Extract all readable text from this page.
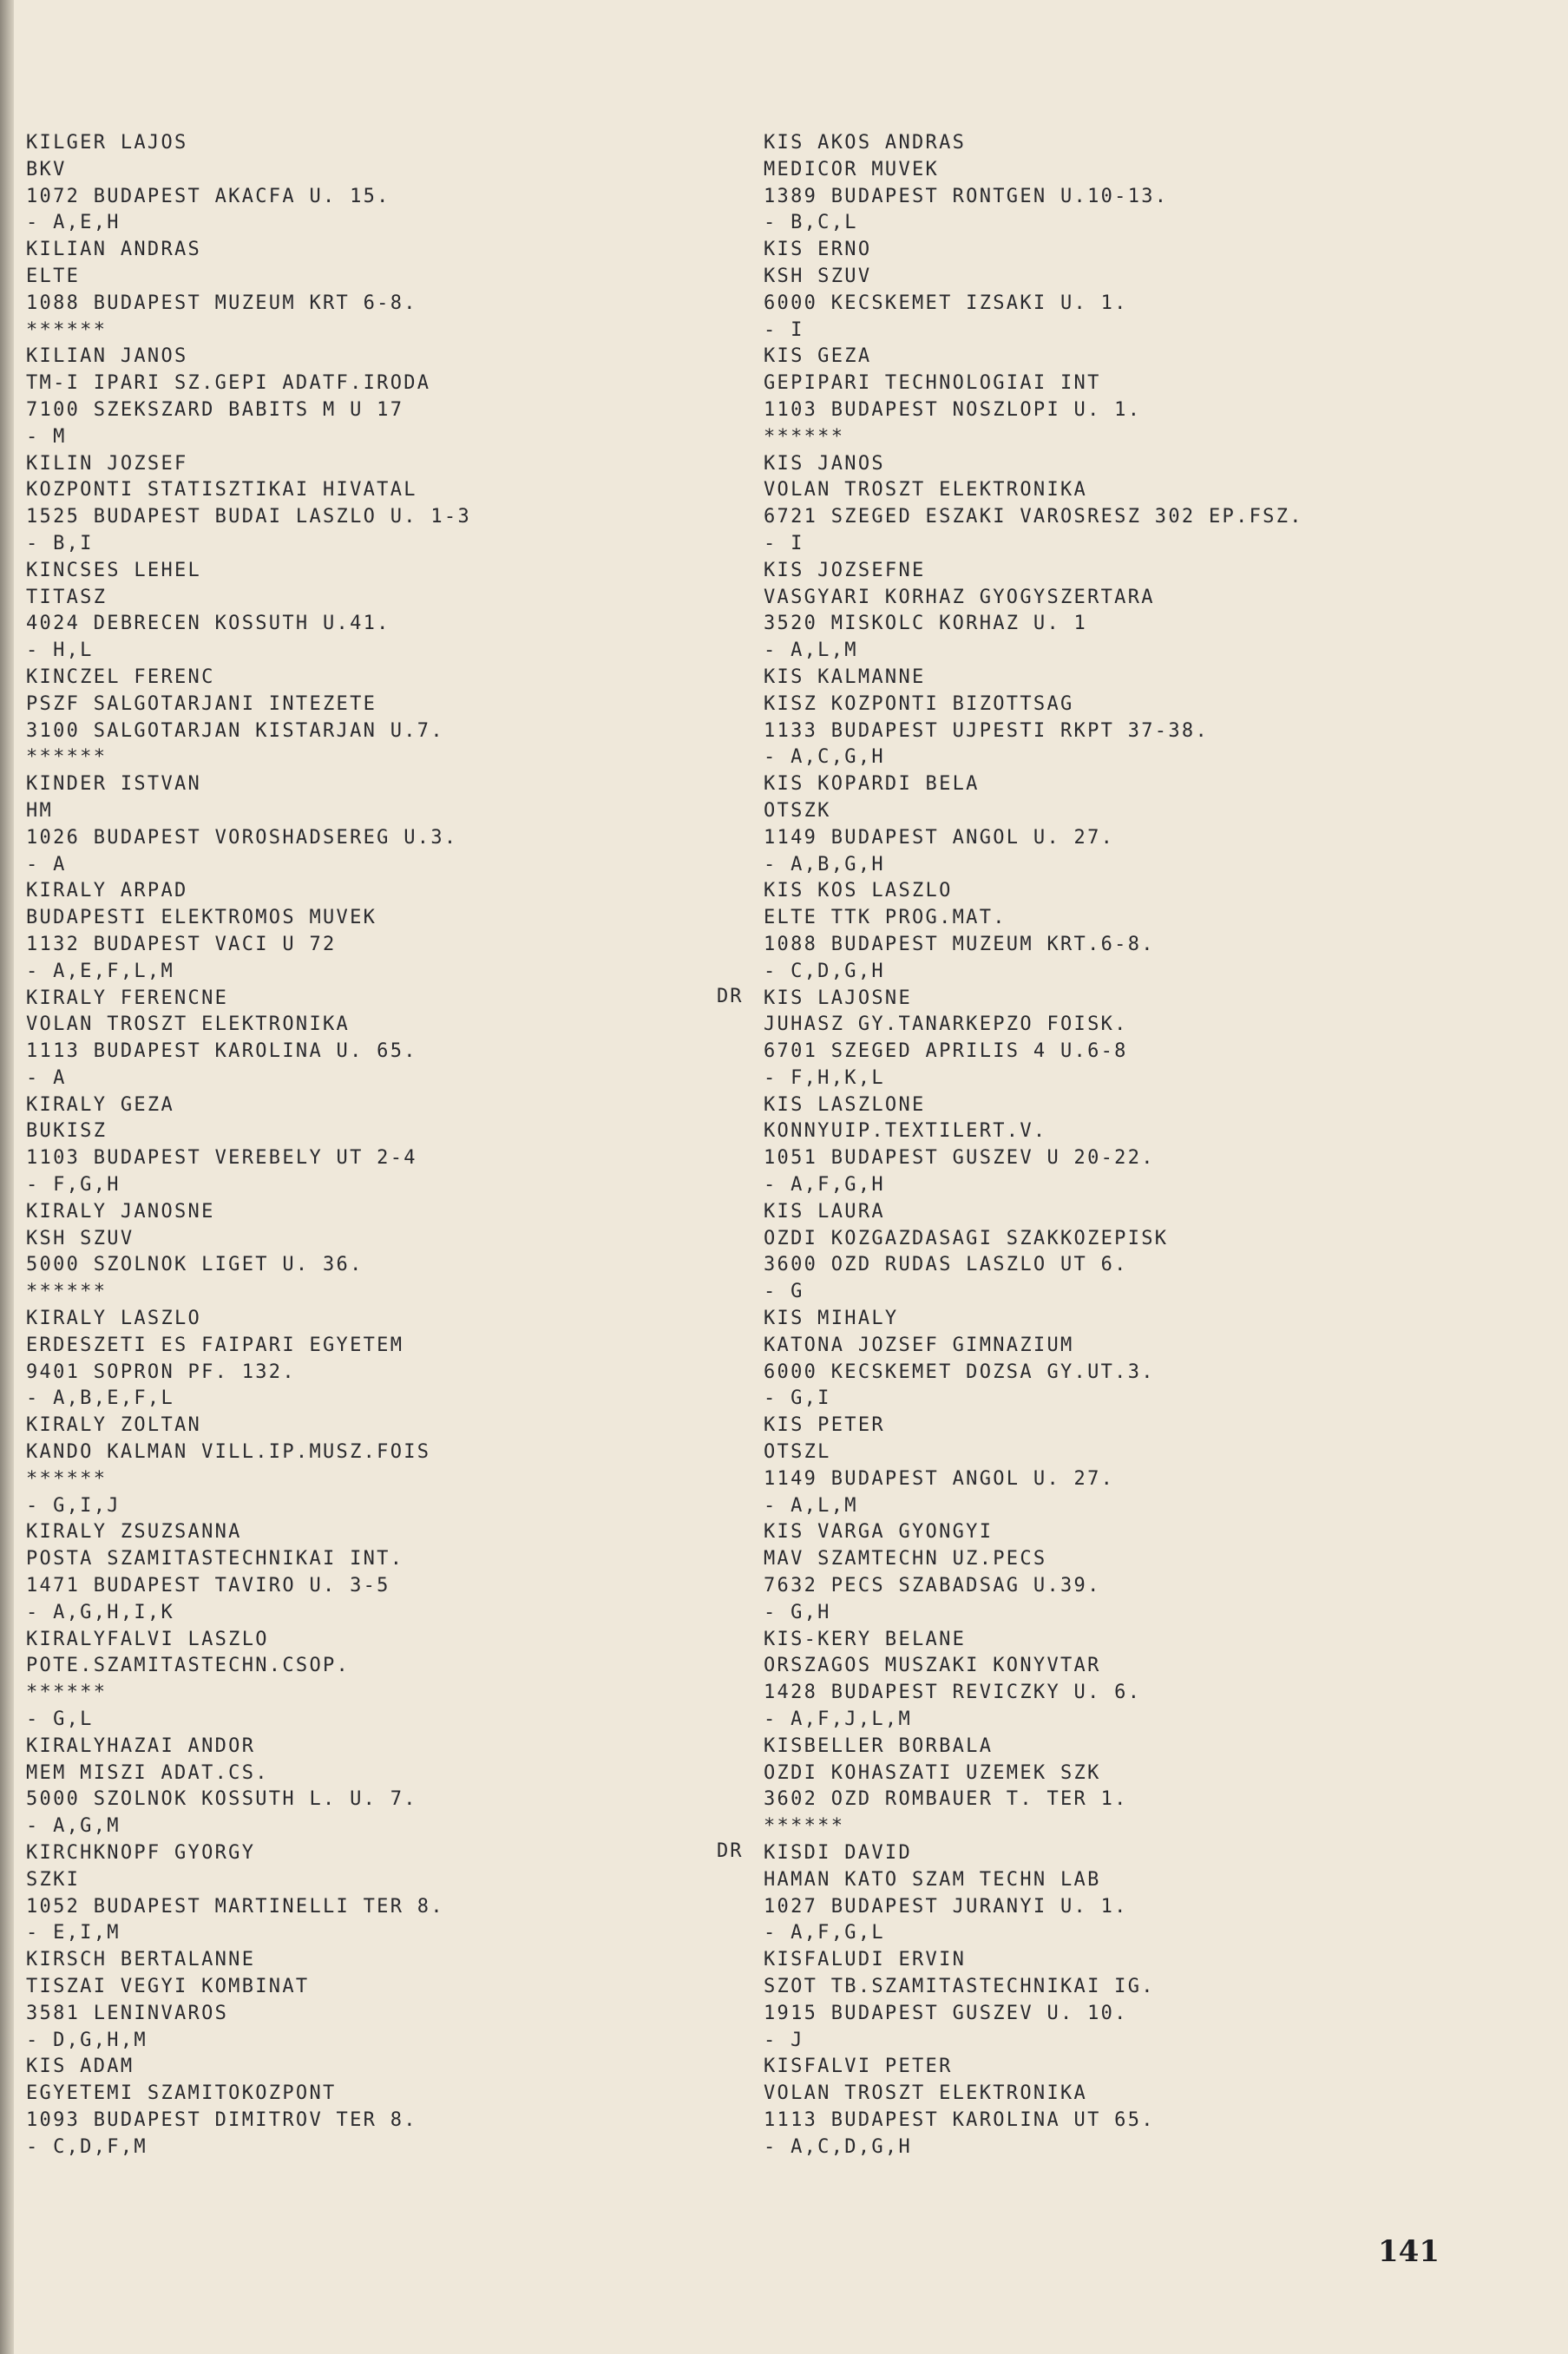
KILGER LAJOS
BKV
1072 BUDAPEST AKACFA U. 15.
- A,E,H
KILIAN ANDRAS
ELTE
1088 BUDAPEST MUZEUM KRT 6-8.
******
KILIAN JANOS
TM-I IPARI SZ.GEPI ADATF.IRODA
7100 SZEKSZARD BABITS M U 17
- M
KILIN JOZSEF
KOZPONTI STATISZTIKAI HIVATAL
1525 BUDAPEST BUDAI LASZLO U. 1-3
- B,I
KINCSES LEHEL
TITASZ
4024 DEBRECEN KOSSUTH U.41.
- H,L
KINCZEL FERENC
PSZF SALGOTARJANI INTEZETE
3100 SALGOTARJAN KISTARJAN U.7.
******
KINDER ISTVAN
HM
1026 BUDAPEST VOROSHADSEREG U.3.
- A
KIRALY ARPAD
BUDAPESTI ELEKTROMOS MUVEK
1132 BUDAPEST VACI U 72
- A,E,F,L,M
KIRALY FERENCNE
VOLAN TROSZT ELEKTRONIKA
1113 BUDAPEST KAROLINA U. 65.
- A
KIRALY GEZA
BUKISZ
1103 BUDAPEST VEREBELY UT 2-4
- F,G,H
KIRALY JANOSNE
KSH SZUV
5000 SZOLNOK LIGET U. 36.
******
KIRALY LASZLO
ERDESZETI ES FAIPARI EGYETEM
9401 SOPRON PF. 132.
- A,B,E,F,L
KIRALY ZOLTAN
KANDO KALMAN VILL.IP.MUSZ.FOIS
******
- G,I,J
KIRALY ZSUZSANNA
POSTA SZAMITASTECHNIKAI INT.
1471 BUDAPEST TAVIRO U. 3-5
- A,G,H,I,K
KIRALYFALVI LASZLO
POTE.SZAMITASTECHN.CSOP.
******
- G,L
KIRALYHAZAI ANDOR
MEM MISZI ADAT.CS.
5000 SZOLNOK KOSSUTH L. U. 7.
- A,G,M
KIRCHKNOPF GYORGY
SZKI
1052 BUDAPEST MARTINELLI TER 8.
- E,I,M
KIRSCH BERTALANNE
TISZAI VEGYI KOMBINAT
3581 LENINVAROS
- D,G,H,M
KIS ADAM
EGYETEMI SZAMITOKOZPONT
1093 BUDAPEST DIMITROV TER 8.
- C,D,F,M
KIS AKOS ANDRAS
MEDICOR MUVEK
1389 BUDAPEST RONTGEN U.10-13.
- B,C,L
KIS ERNO
KSH SZUV
6000 KECSKEMET IZSAKI U. 1.
- I
KIS GEZA
GEPIPARI TECHNOLOGIAI INT
1103 BUDAPEST NOSZLOPI U. 1.
******
KIS JANOS
VOLAN TROSZT ELEKTRONIKA
6721 SZEGED ESZAKI VAROSRESZ 302 EP.FSZ.
- I
KIS JOZSEFNE
VASGYARI KORHAZ GYOGYSZERTARA
3520 MISKOLC KORHAZ U. 1
- A,L,M
KIS KALMANNE
KISZ KOZPONTI BIZOTTSAG
1133 BUDAPEST UJPESTI RKPT 37-38.
- A,C,G,H
KIS KOPARDI BELA
OTSZK
1149 BUDAPEST ANGOL U. 27.
- A,B,G,H
KIS KOS LASZLO
ELTE TTK PROG.MAT.
1088 BUDAPEST MUZEUM KRT.6-8.
- C,D,G,H
DR KIS LAJOSNE
JUHASZ GY.TANARKEPZO FOISK.
6701 SZEGED APRILIS 4 U.6-8
- F,H,K,L
KIS LASZLONE
KONNYUIP.TEXTILERT.V.
1051 BUDAPEST GUSZEV U 20-22.
- A,F,G,H
KIS LAURA
OZDI KOZGAZDASAGI SZAKKOZEPISK
3600 OZD RUDAS LASZLO UT 6.
- G
KIS MIHALY
KATONA JOZSEF GIMNAZIUM
6000 KECSKEMET DOZSA GY.UT.3.
- G,I
KIS PETER
OTSZL
1149 BUDAPEST ANGOL U. 27.
- A,L,M
KIS VARGA GYONGYI
MAV SZAMTECHN UZ.PECS
7632 PECS SZABADSAG U.39.
- G,H
KIS-KERY BELANE
ORSZAGOS MUSZAKI KONYVTAR
1428 BUDAPEST REVICZKY U. 6.
- A,F,J,L,M
KISBELLER BORBALA
OZDI KOHASZATI UZEMEK SZK
3602 OZD ROMBAUER T. TER 1.
******
DR KISDI DAVID
HAMAN KATO SZAM TECHN LAB
1027 BUDAPEST JURANYI U. 1.
- A,F,G,L
KISFALUDI ERVIN
SZOT TB.SZAMITASTECHNIKAI IG.
1915 BUDAPEST GUSZEV U. 10.
- J
KISFALVI PETER
VOLAN TROSZT ELEKTRONIKA
1113 BUDAPEST KAROLINA UT 65.
- A,C,D,G,H
141
